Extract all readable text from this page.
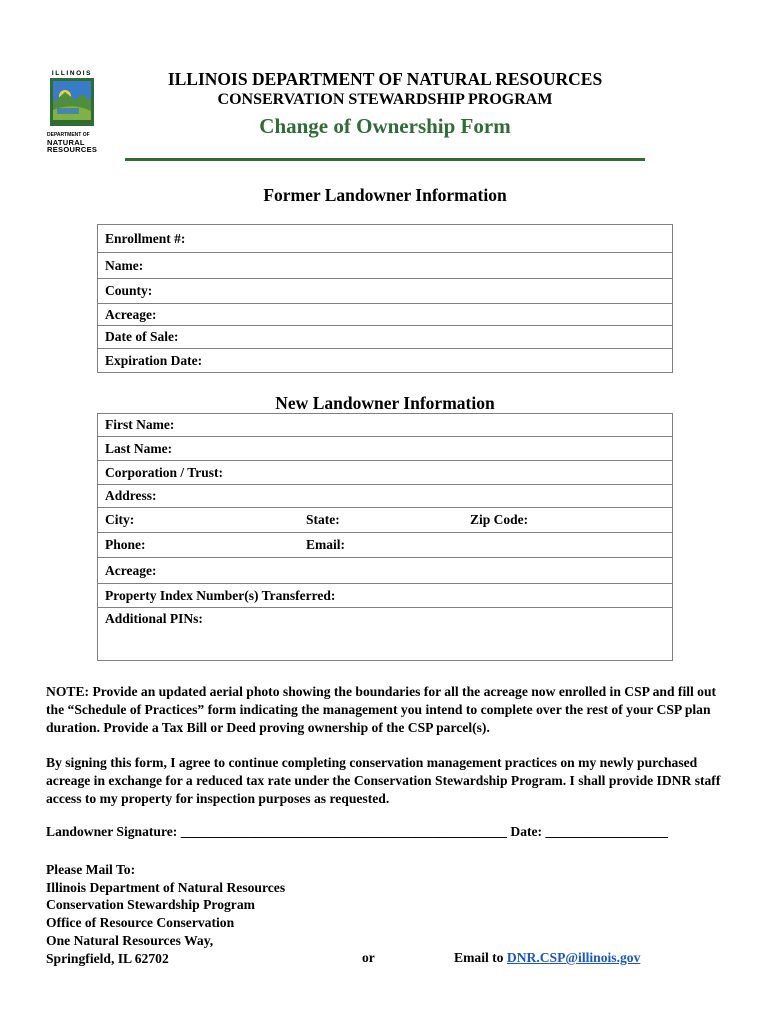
ILLINOIS
DEPARTMENT OF
NATURAL
RESOURCES
ILLINOIS DEPARTMENT OF NATURAL RESOURCES
CONSERVATION STEWARDSHIP PROGRAM
Change of Ownership Form
Former Landowner Information
Enrollment #:
Name:
County:
Acreage:
Date of Sale:
Expiration Date:
New Landowner Information
First Name:
Last Name:
Corporation / Trust:
Address:
City:	State:	Zip Code:

Phone:	Email:

Acreage:
Property Index Number(s) Transferred:
Additional PINs:
NOTE: Provide an updated aerial photo showing the boundaries for all the acreage now enrolled in CSP and fill out the “Schedule of Practices” form indicating the management you intend to complete over the rest of your CSP plan duration. Provide a Tax Bill or Deed proving ownership of the CSP parcel(s).
By signing this form, I agree to continue completing conservation management practices on my newly purchased acreage in exchange for a reduced tax rate under the Conservation Stewardship Program. I shall provide IDNR staff access to my property for inspection purposes as requested.
Landowner Signature: ________________________________________________ Date: __________________
Please Mail To:
Illinois Department of Natural Resources
Conservation Stewardship Program
Office of Resource Conservation
One Natural Resources Way,
Springfield, IL 62702	or	Email to DNR.CSP@illinois.gov
